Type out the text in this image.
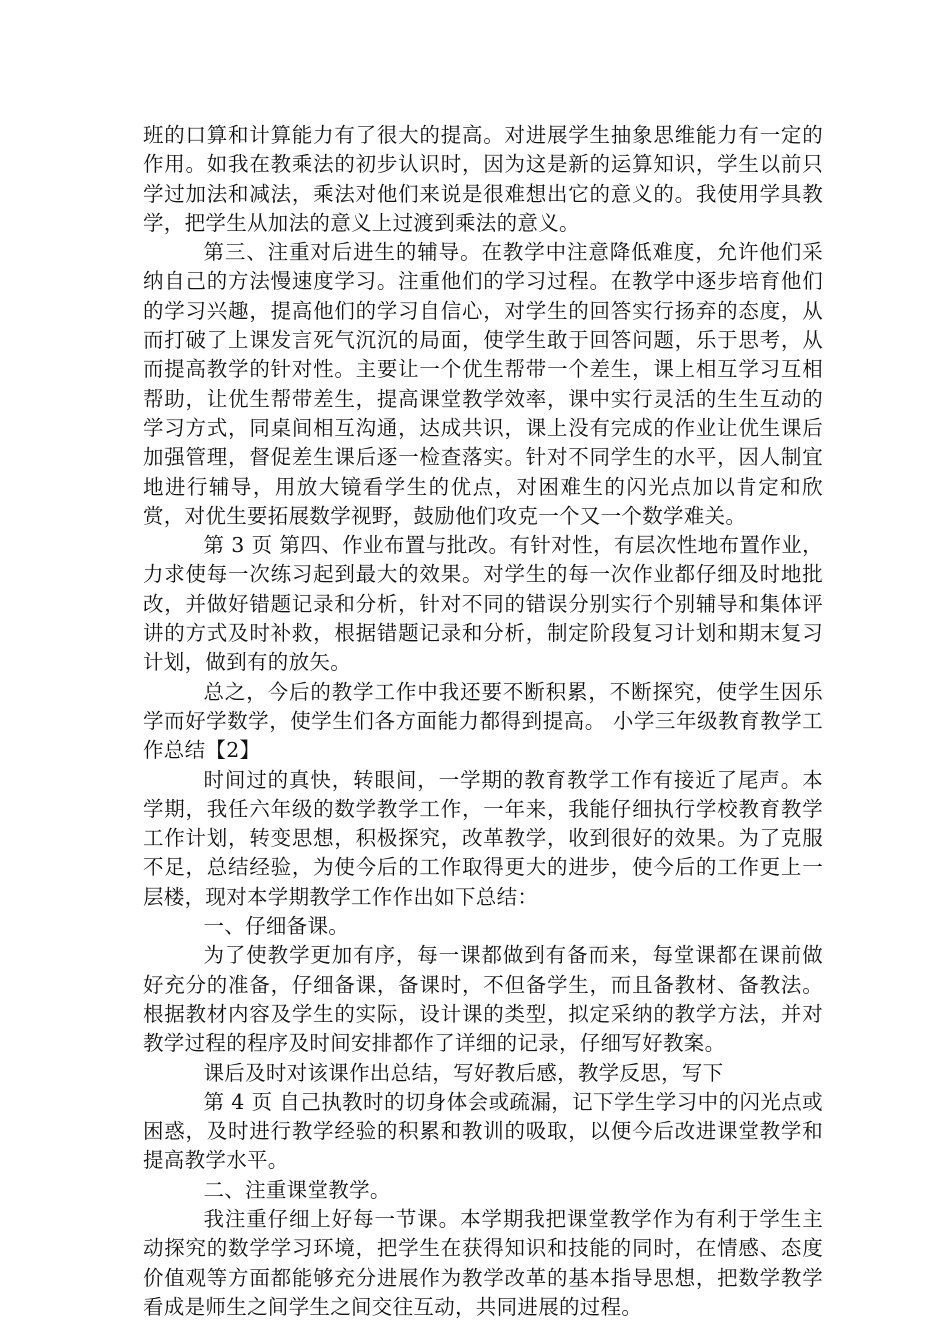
班的口算和计算能力有了很大的提高。对进展学生抽象思维能力有一定的作用。如我在教乘法的初步认识时，因为这是新的运算知识，学生以前只学过加法和减法，乘法对他们来说是很难想出它的意义的。我使用学具教学，把学生从加法的意义上过渡到乘法的意义。

第三、注重对后进生的辅导。在教学中注意降低难度，允许他们采纳自己的方法慢速度学习。注重他们的学习过程。在教学中逐步培育他们的学习兴趣，提高他们的学习自信心，对学生的回答实行扬弃的态度，从而打破了上课发言死气沉沉的局面，使学生敢于回答问题，乐于思考，从而提高教学的针对性。主要让一个优生帮带一个差生，课上相互学习互相帮助，让优生帮带差生，提高课堂教学效率，课中实行灵活的生生互动的学习方式，同桌间相互沟通，达成共识，课上没有完成的作业让优生课后加强管理，督促差生课后逐一检查落实。针对不同学生的水平，因人制宜地进行辅导，用放大镜看学生的优点，对困难生的闪光点加以肯定和欣赏，对优生要拓展数学视野，鼓励他们攻克一个又一个数学难关。

第 3 页 第四、作业布置与批改。有针对性，有层次性地布置作业，力求使每一次练习起到最大的效果。对学生的每一次作业都仔细及时地批改，并做好错题记录和分析，针对不同的错误分别实行个别辅导和集体评讲的方式及时补救，根据错题记录和分析，制定阶段复习计划和期末复习计划，做到有的放矢。

总之，今后的教学工作中我还要不断积累，不断探究，使学生因乐学而好学数学，使学生们各方面能力都得到提高。 小学三年级教育教学工作总结【2】

时间过的真快，转眼间，一学期的教育教学工作有接近了尾声。本学期，我任六年级的数学教学工作，一年来，我能仔细执行学校教育教学工作计划，转变思想，积极探究，改革教学，收到很好的效果。为了克服不足，总结经验，为使今后的工作取得更大的进步，使今后的工作更上一层楼，现对本学期教学工作作出如下总结：

一、仔细备课。

为了使教学更加有序，每一课都做到有备而来，每堂课都在课前做好充分的准备，仔细备课，备课时，不但备学生，而且备教材、备教法。根据教材内容及学生的实际，设计课的类型，拟定采纳的教学方法，并对教学过程的程序及时间安排都作了详细的记录，仔细写好教案。

课后及时对该课作出总结，写好教后感，教学反思，写下

第 4 页 自己执教时的切身体会或疏漏，记下学生学习中的闪光点或困惑，及时进行教学经验的积累和教训的吸取，以便今后改进课堂教学和提高教学水平。

二、注重课堂教学。

我注重仔细上好每一节课。本学期我把课堂教学作为有利于学生主动探究的数学学习环境，把学生在获得知识和技能的同时，在情感、态度价值观等方面都能够充分进展作为教学改革的基本指导思想，把数学教学看成是师生之间学生之间交往互动，共同进展的过程。
